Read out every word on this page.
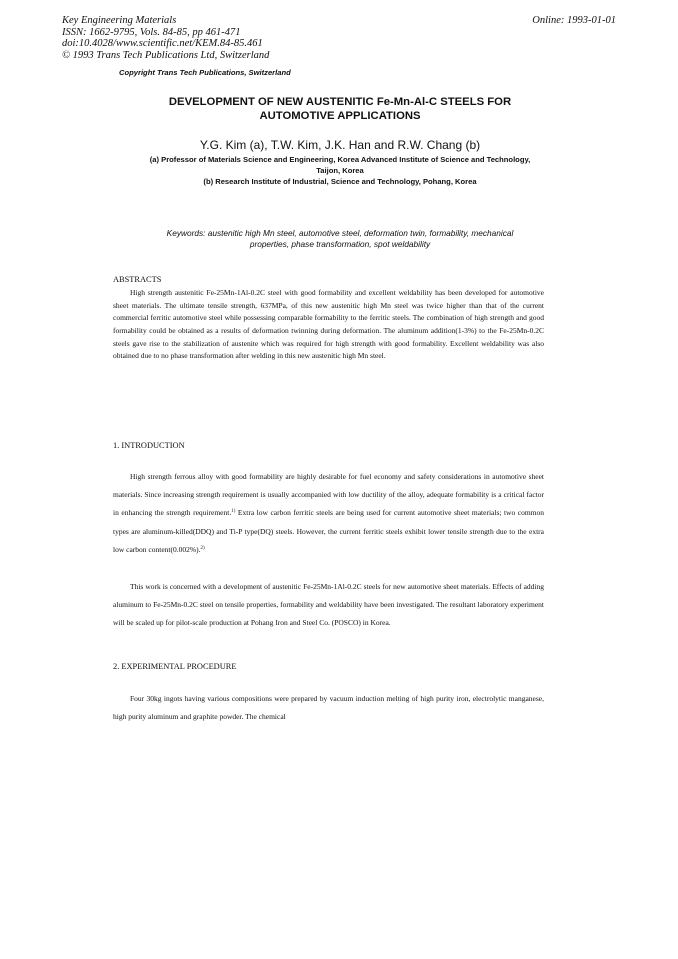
Key Engineering Materials
ISSN: 1662-9795, Vols. 84-85, pp 461-471
doi:10.4028/www.scientific.net/KEM.84-85.461
© 1993 Trans Tech Publications Ltd, Switzerland
Online: 1993-01-01
Copyright Trans Tech Publications, Switzerland
DEVELOPMENT OF NEW AUSTENITIC Fe-Mn-Al-C STEELS FOR
AUTOMOTIVE APPLICATIONS
Y.G. Kim (a), T.W. Kim, J.K. Han and R.W. Chang (b)
(a) Professor of Materials Science and Engineering, Korea Advanced Institute of Science and Technology,
Taijon, Korea
(b) Research Institute of Industrial, Science and Technology, Pohang, Korea
Keywords: austenitic high Mn steel, automotive steel, deformation twin, formability, mechanical
properties, phase transformation, spot weldability
ABSTRACTS
High strength austenitic Fe-25Mn-1Al-0.2C steel with good formability and excellent weldability has been developed for automotive sheet materials. The ultimate tensile strength, 637MPa, of this new austenitic high Mn steel was twice higher than that of the current commercial ferritic automotive steel while possessing comparable formability to the ferritic steels. The combination of high strength and good formability could be obtained as a results of deformation twinning during deformation. The aluminum addition(1-3%) to the Fe-25Mn-0.2C steels gave rise to the stabilization of austenite which was required for high strength with good formability. Excellent weldability was also obtained due to no phase transformation after welding in this new austenitic high Mn steel.
1. INTRODUCTION
High strength ferrous alloy with good formability are highly desirable for fuel economy and safety considerations in automotive sheet materials. Since increasing strength requirement is usually accompanied with low ductility of the alloy, adequate formability is a critical factor in enhancing the strength requirement.$^{1)}$ Extra low carbon ferritic steels are being used for current automotive sheet materials; two common types are aluminum-killed(DDQ) and Ti-P type(DQ) steels. However, the current ferritic steels exhibit lower tensile strength due to the extra low carbon content(0.002%).$^{2)}$
This work is concerned with a development of austenitic Fe-25Mn-1Al-0.2C steels for new automotive sheet materials. Effects of adding aluminum to Fe-25Mn-0.2C steel on tensile properties, formability and weldability have been investigated. The resultant laboratory experiment will be scaled up for pilot-scale production at Pohang Iron and Steel Co. (POSCO) in Korea.
2. EXPERIMENTAL PROCEDURE
Four 30kg ingots having various compositions were prepared by vacuum induction melting of high purity iron, electrolytic manganese, high purity aluminum and graphite powder. The chemical
